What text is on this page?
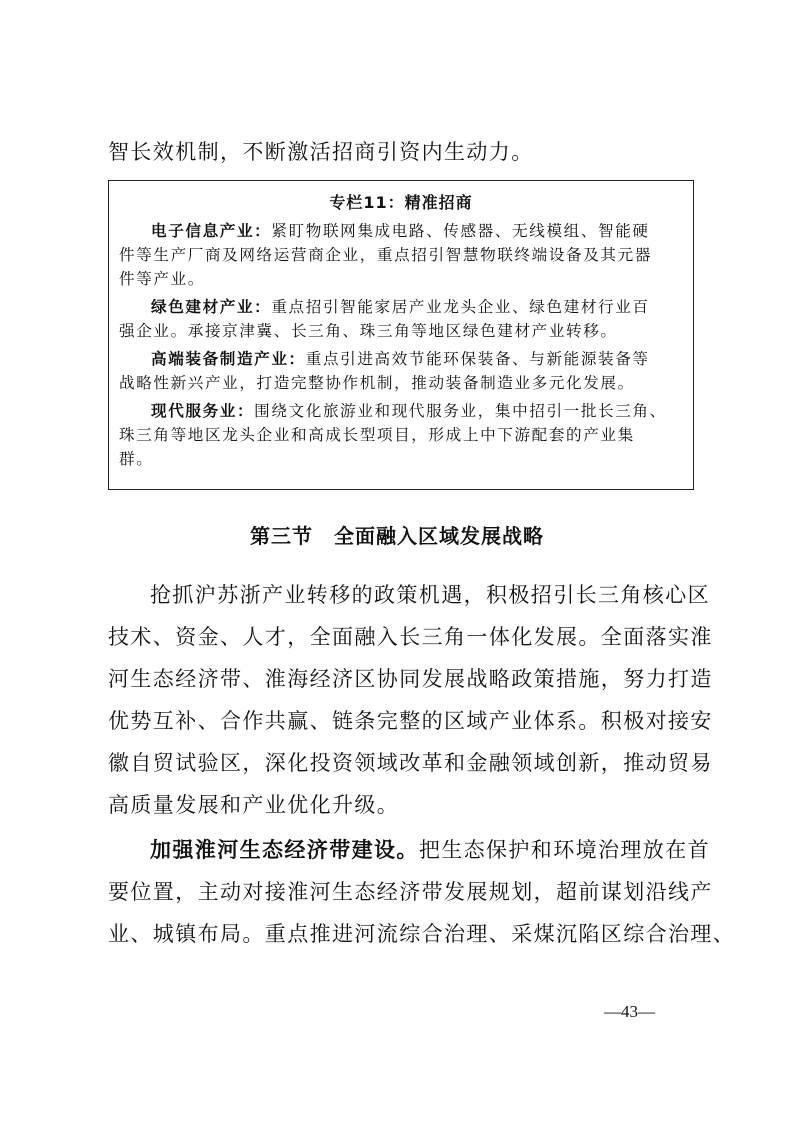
智长效机制，不断激活招商引资内生动力。
专栏11：精准招商
电子信息产业：紧盯物联网集成电路、传感器、无线模组、智能硬
件等生产厂商及网络运营商企业，重点招引智慧物联终端设备及其元器
件等产业。
绿色建材产业：重点招引智能家居产业龙头企业、绿色建材行业百
强企业。承接京津冀、长三角、珠三角等地区绿色建材产业转移。
高端装备制造产业：重点引进高效节能环保装备、与新能源装备等
战略性新兴产业，打造完整协作机制，推动装备制造业多元化发展。
现代服务业：围绕文化旅游业和现代服务业，集中招引一批长三角、
珠三角等地区龙头企业和高成长型项目，形成上中下游配套的产业集
群。
第三节　全面融入区域发展战略
抢抓沪苏浙产业转移的政策机遇，积极招引长三角核心区
技术、资金、人才，全面融入长三角一体化发展。全面落实淮
河生态经济带、淮海经济区协同发展战略政策措施，努力打造
优势互补、合作共赢、链条完整的区域产业体系。积极对接安
徽自贸试验区，深化投资领域改革和金融领域创新，推动贸易
高质量发展和产业优化升级。
加强淮河生态经济带建设。把生态保护和环境治理放在首
要位置，主动对接淮河生态经济带发展规划，超前谋划沿线产
业、城镇布局。重点推进河流综合治理、采煤沉陷区综合治理、
—43—
